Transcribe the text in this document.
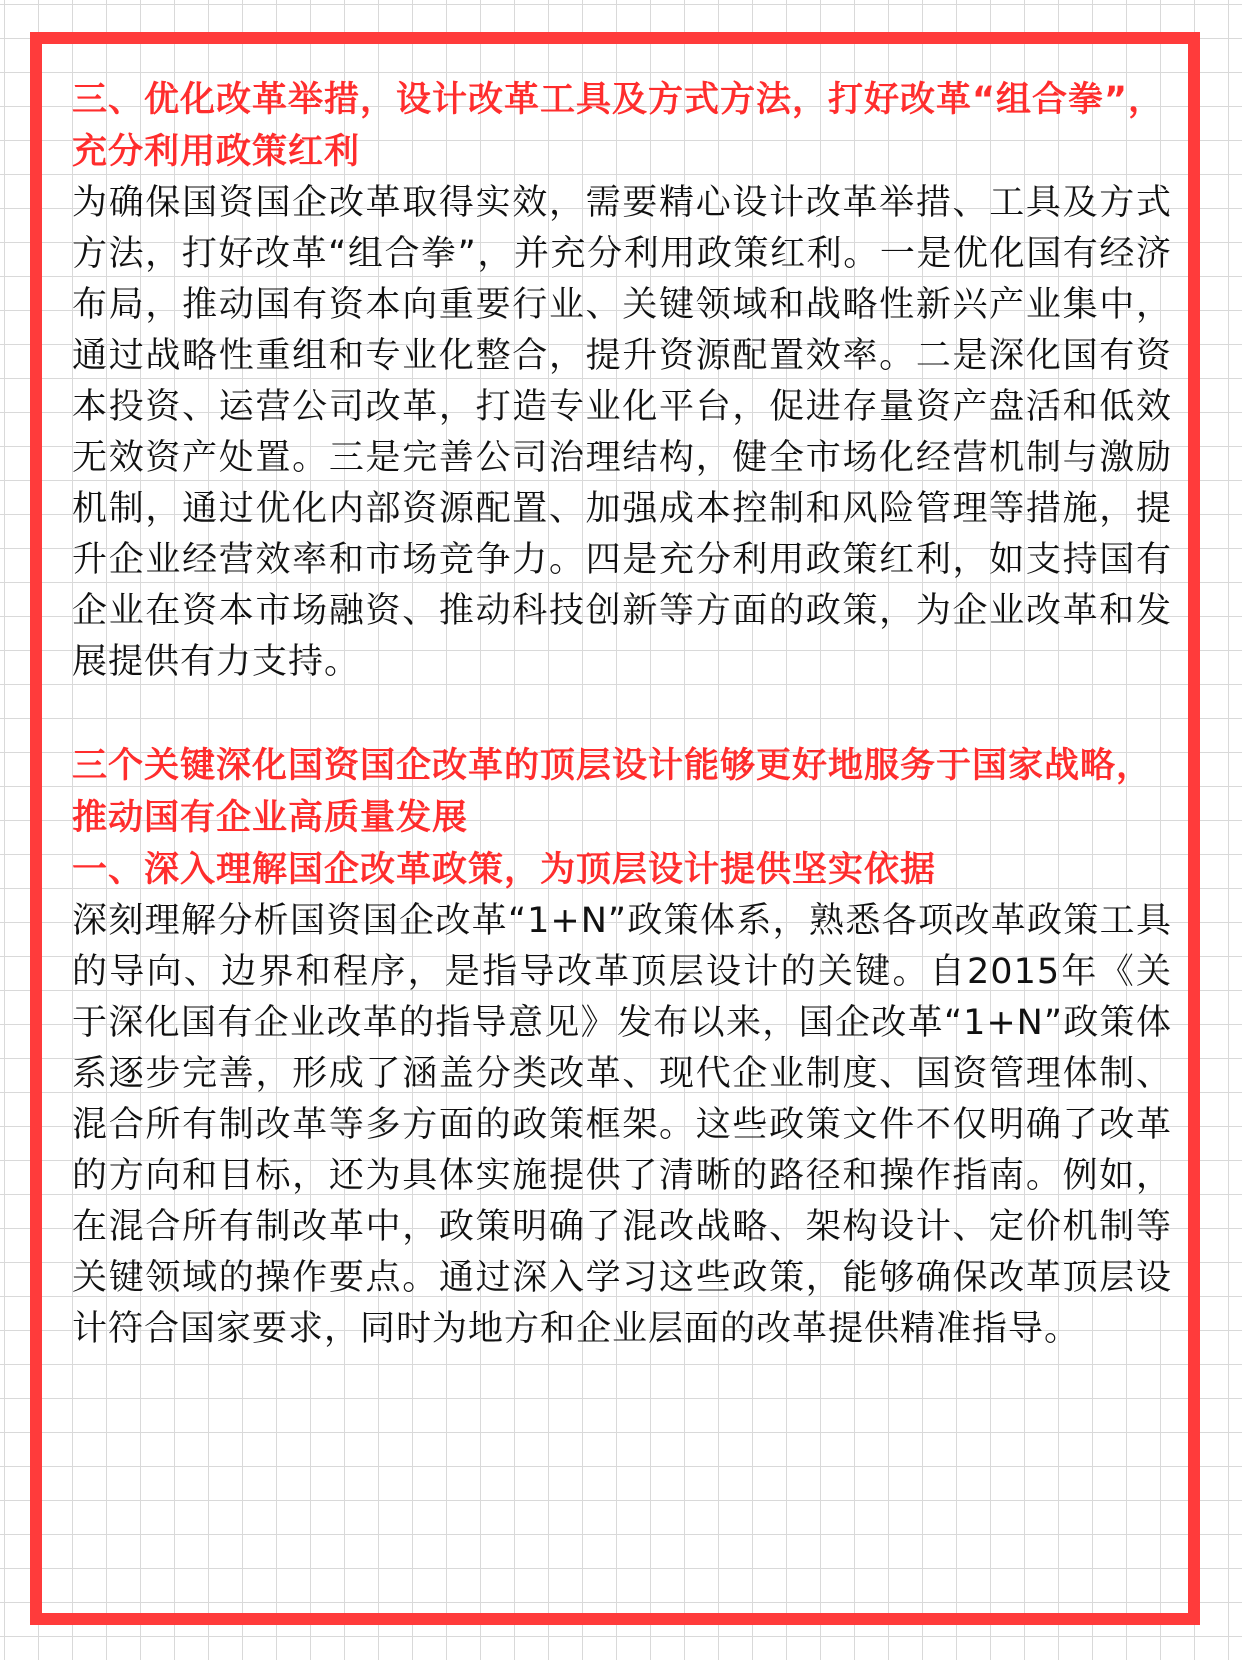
三、优化改革举措，设计改革工具及方式方法，打好改革“组合拳”，充分利用政策红利

为确保国资国企改革取得实效，需要精心设计改革举措、工具及方式方法，打好改革“组合拳”，并充分利用政策红利。一是优化国有经济布局，推动国有资本向重要行业、关键领域和战略性新兴产业集中，通过战略性重组和专业化整合，提升资源配置效率。二是深化国有资本投资、运营公司改革，打造专业化平台，促进存量资产盘活和低效无效资产处置。三是完善公司治理结构，健全市场化经营机制与激励机制，通过优化内部资源配置、加强成本控制和风险管理等措施，提升企业经营效率和市场竞争力。四是充分利用政策红利，如支持国有企业在资本市场融资、推动科技创新等方面的政策，为企业改革和发展提供有力支持。

三个关键深化国资国企改革的顶层设计能够更好地服务于国家战略，推动国有企业高质量发展

一、深入理解国企改革政策，为顶层设计提供坚实依据

深刻理解分析国资国企改革“1+N”政策体系，熟悉各项改革政策工具的导向、边界和程序，是指导改革顶层设计的关键。自2015年《关于深化国有企业改革的指导意见》发布以来，国企改革“1+N”政策体系逐步完善，形成了涵盖分类改革、现代企业制度、国资管理体制、混合所有制改革等多方面的政策框架。这些政策文件不仅明确了改革的方向和目标，还为具体实施提供了清晰的路径和操作指南。例如，在混合所有制改革中，政策明确了混改战略、架构设计、定价机制等关键领域的操作要点。通过深入学习这些政策，能够确保改革顶层设计符合国家要求，同时为地方和企业层面的改革提供精准指导。
